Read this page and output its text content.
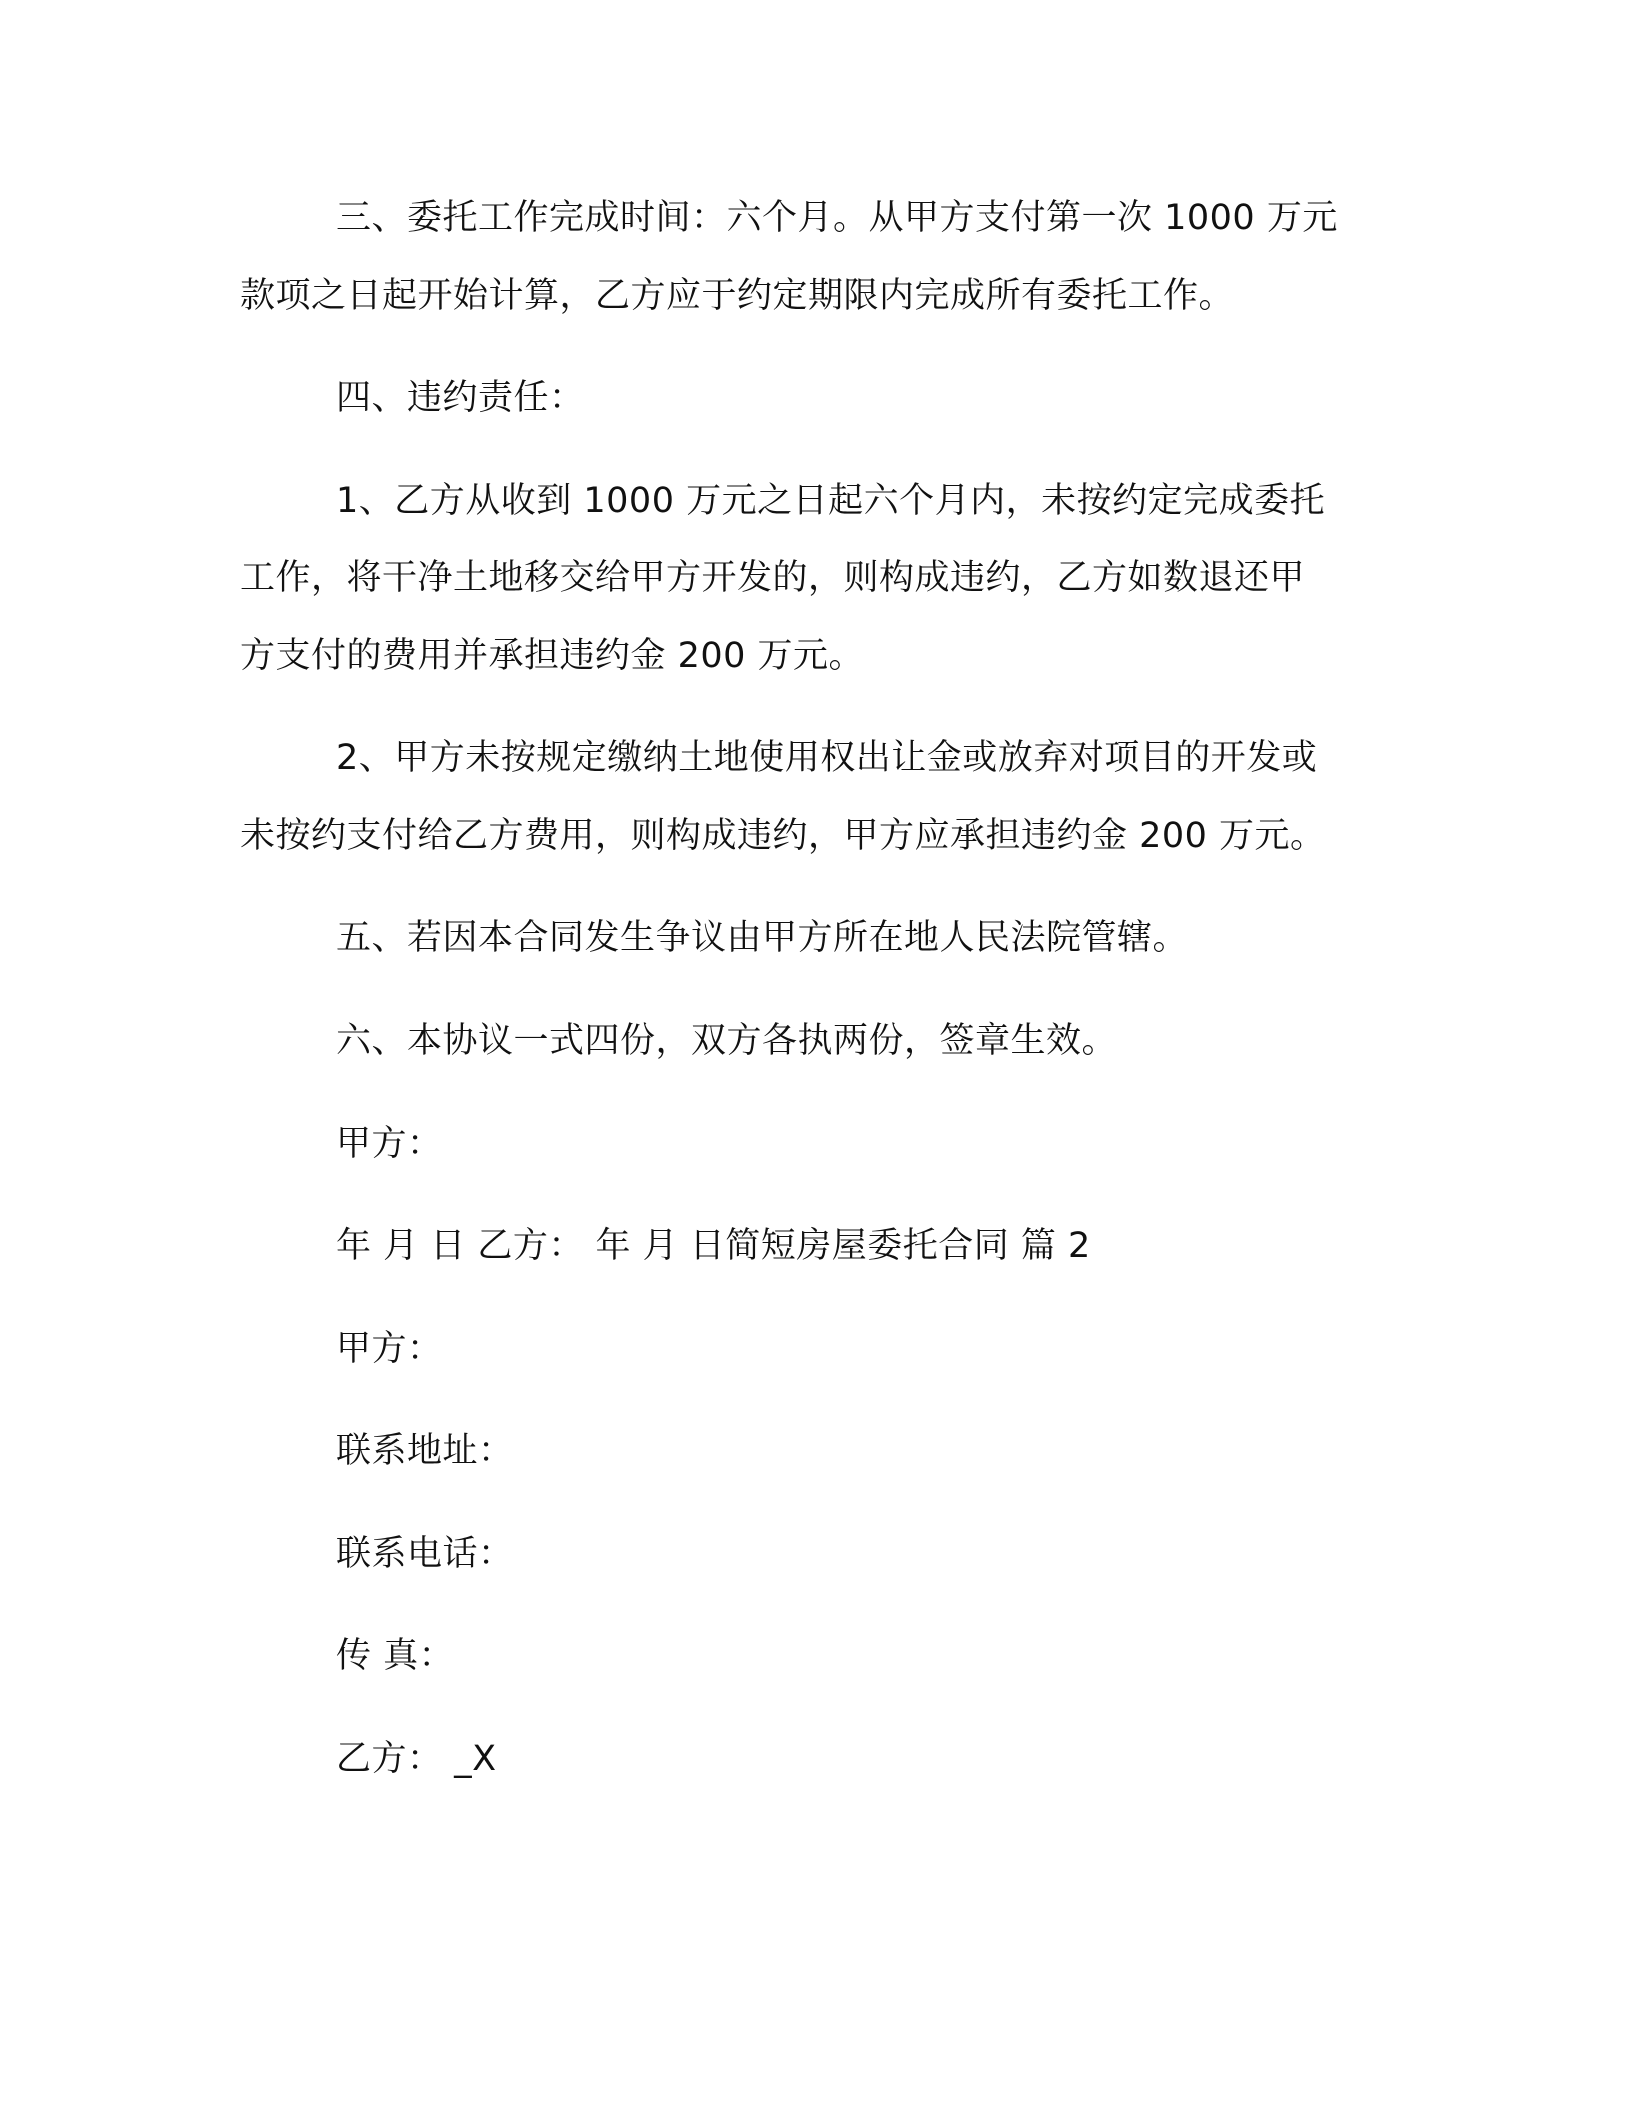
三、委托工作完成时间：六个月。从甲方支付第一次 1000 万元
款项之日起开始计算，乙方应于约定期限内完成所有委托工作。
四、违约责任：
1、乙方从收到 1000 万元之日起六个月内，未按约定完成委托
工作，将干净土地移交给甲方开发的，则构成违约，乙方如数退还甲
方支付的费用并承担违约金 200 万元。
2、甲方未按规定缴纳土地使用权出让金或放弃对项目的开发或
未按约支付给乙方费用，则构成违约，甲方应承担违约金 200 万元。
五、若因本合同发生争议由甲方所在地人民法院管辖。
六、本协议一式四份，双方各执两份，签章生效。
甲方：
年 月 日 乙方： 年 月 日简短房屋委托合同 篇 2
甲方：
联系地址：
联系电话：
传 真：
乙方： _X
